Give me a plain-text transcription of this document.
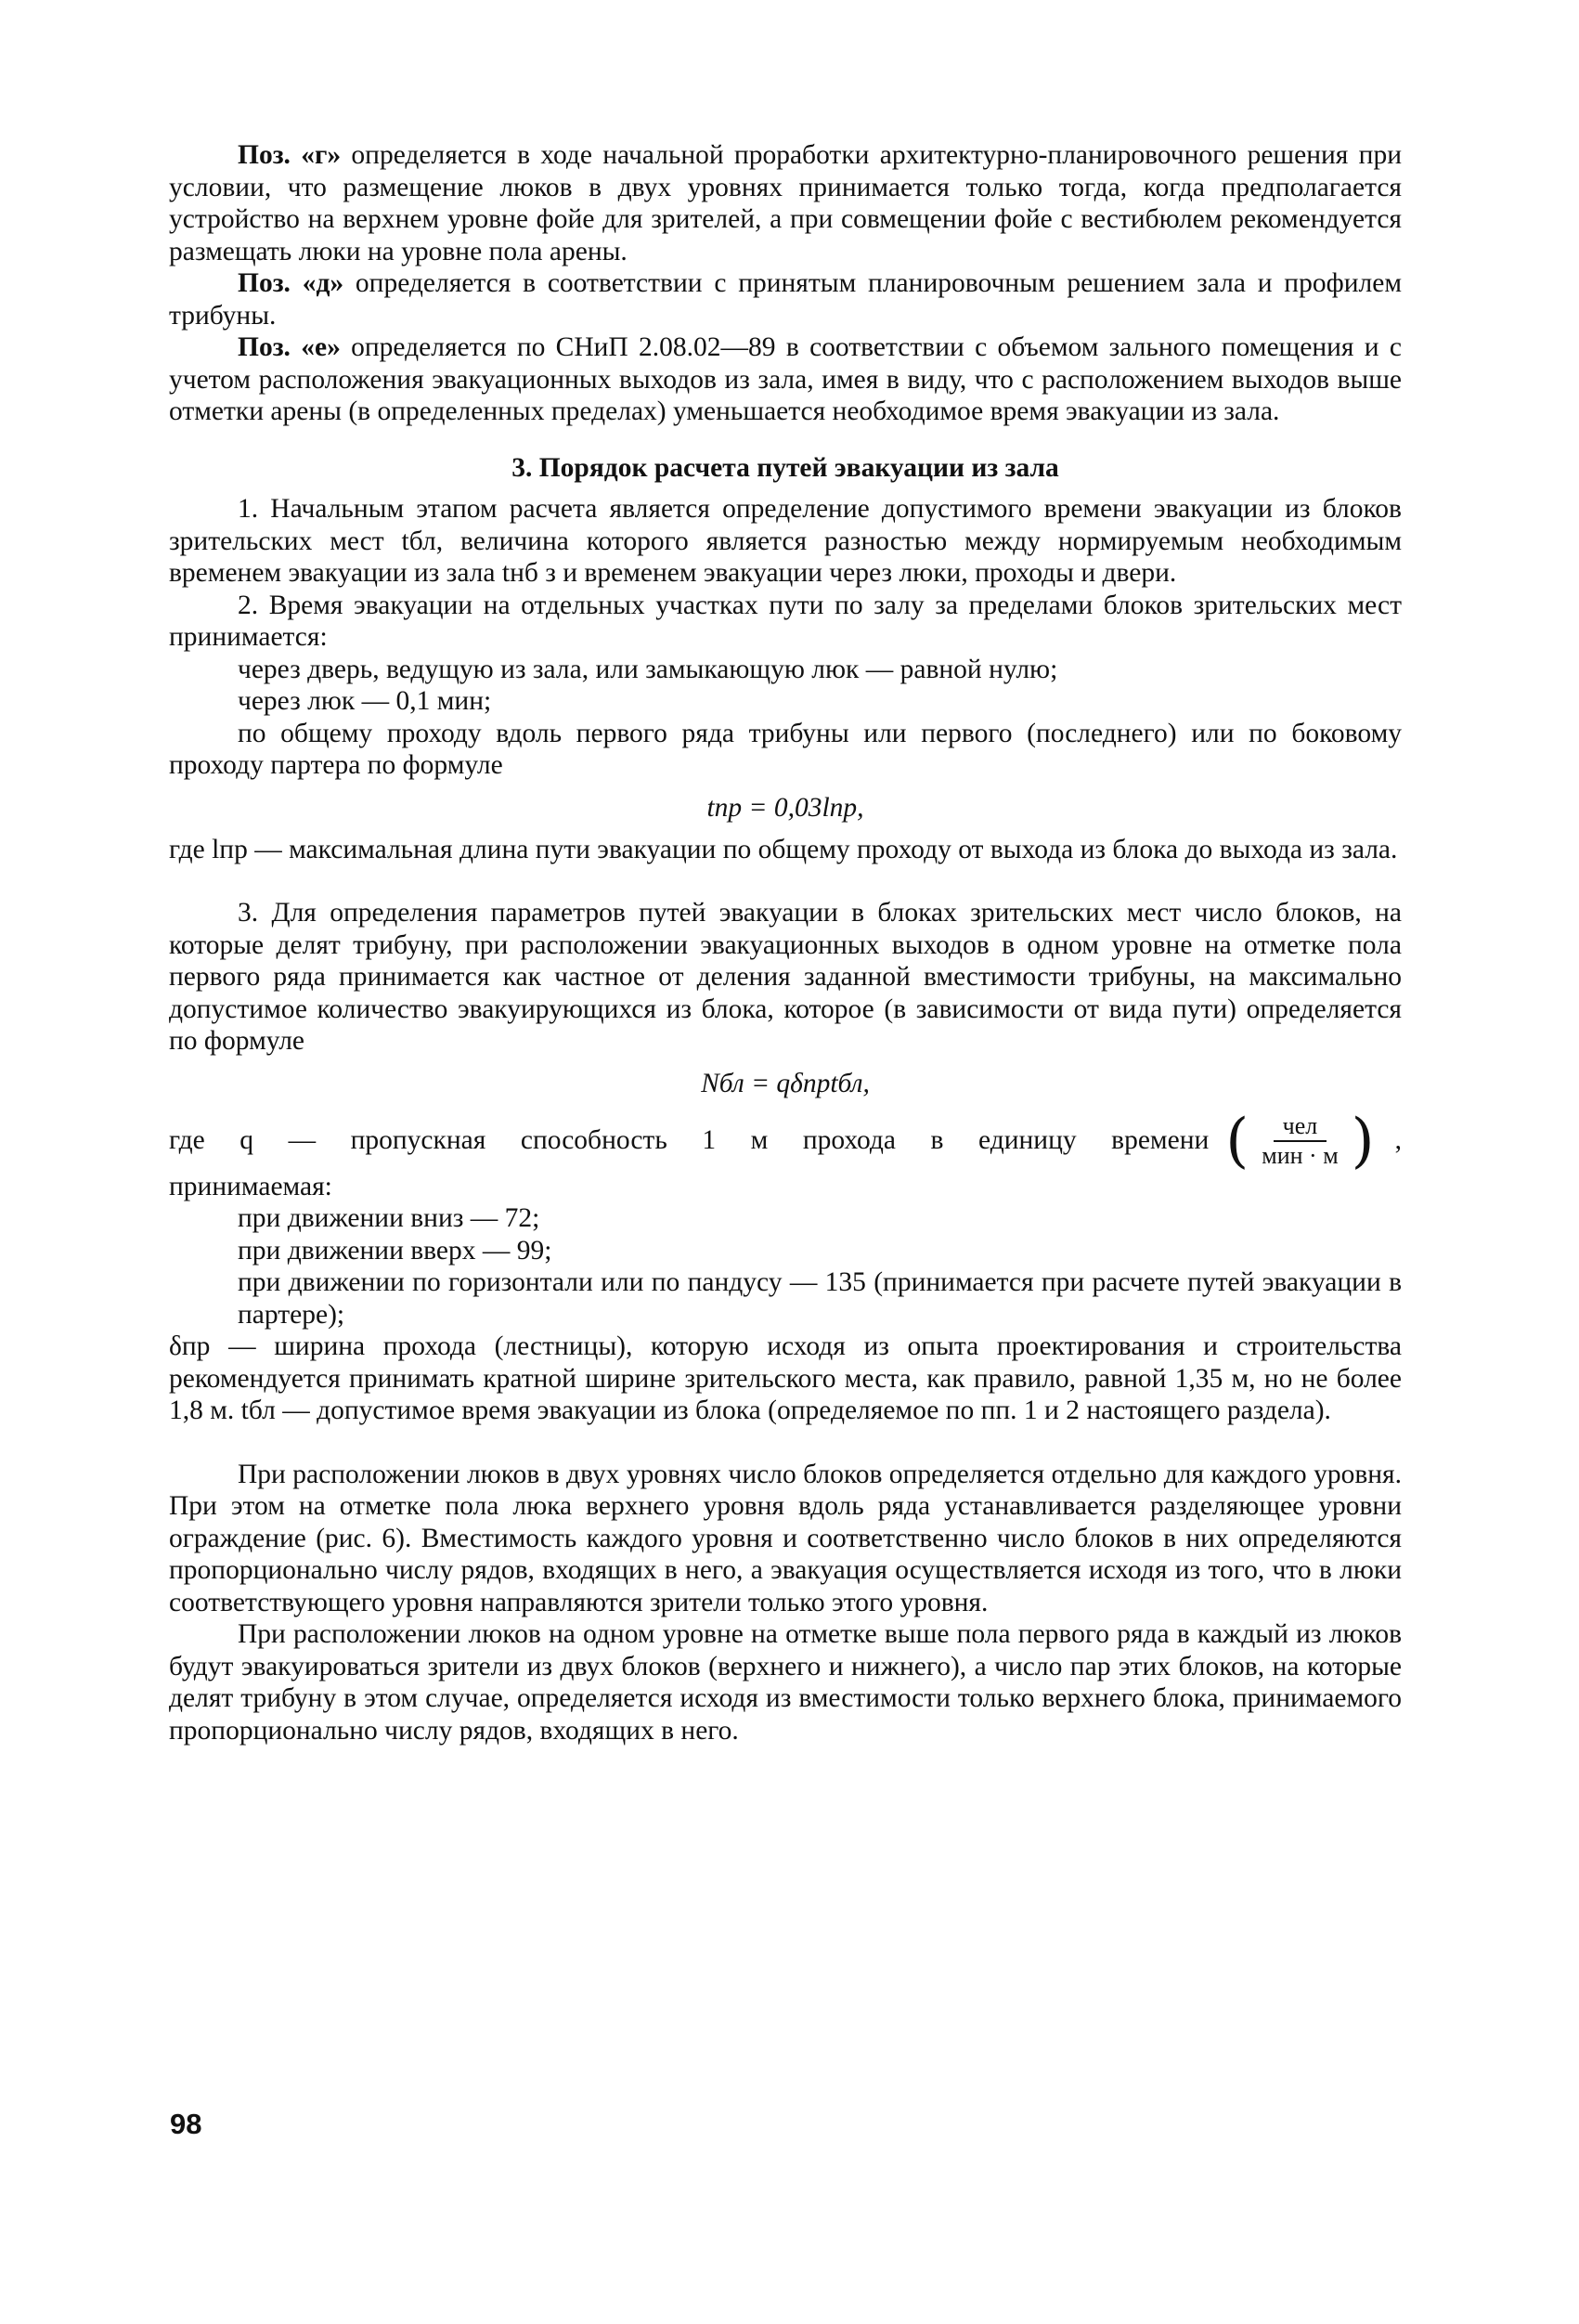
Поз. «г» определяется в ходе начальной проработки архитектурно-планировочного решения при условии, что размещение люков в двух уровнях принимается только тогда, когда предполагается устройство на верхнем уровне фойе для зрителей, а при совмещении фойе с вестибюлем рекомендуется размещать люки на уровне пола арены.

Поз. «д» определяется в соответствии с принятым планировочным решением зала и профилем трибуны.

Поз. «е» определяется по СНиП 2.08.02—89 в соответствии с объемом зального помещения и с учетом расположения эвакуационных выходов из зала, имея в виду, что с расположением выходов выше отметки арены (в определенных пределах) уменьшается необходимое время эвакуации из зала.

3. Порядок расчета путей эвакуации из зала

1. Начальным этапом расчета является определение допустимого времени эвакуации из блоков зрительских мест tбл, величина которого является разностью между нормируемым необходимым временем эвакуации из зала tнб з и временем эвакуации через люки, проходы и двери.

2. Время эвакуации на отдельных участках пути по залу за пределами блоков зрительских мест принимается:

через дверь, ведущую из зала, или замыкающую люк — равной нулю;

через люк — 0,1 мин;

по общему проходу вдоль первого ряда трибуны или первого (последнего) или по боковому проходу партера по формуле

tпр = 0,03lпр,

где lпр — максимальная длина пути эвакуации по общему проходу от выхода из блока до выхода из зала.

3. Для определения параметров путей эвакуации в блоках зрительских мест число блоков, на которые делят трибуну, при расположении эвакуационных выходов в одном уровне на отметке пола первого ряда принимается как частное от деления заданной вместимости трибуны, на максимально допустимое количество эвакуирующихся из блока, которое (в зависимости от вида пути) определяется по формуле

Nбл = qδпрtбл,
где q — пропускная способность 1 м прохода в единицу времени ( $\frac{\text{чел}}{\text{мин · м}}$ ) ,

принимаемая:

при движении вниз — 72;

при движении вверх — 99;

при движении по горизонтали или по пандусу — 135 (принимается при расчете путей эвакуации в партере);

δпр — ширина прохода (лестницы), которую исходя из опыта проектирования и строительства рекомендуется принимать кратной ширине зрительского места, как правило, равной 1,35 м, но не более 1,8 м. tбл — допустимое время эвакуации из блока (определяемое по пп. 1 и 2 настоящего раздела).

При расположении люков в двух уровнях число блоков определяется отдельно для каждого уровня. При этом на отметке пола люка верхнего уровня вдоль ряда устанавливается разделяющее уровни ограждение (рис. 6). Вместимость каждого уровня и соответственно число блоков в них определяются пропорционально числу рядов, входящих в него, а эвакуация осуществляется исходя из того, что в люки соответствующего уровня направляются зрители только этого уровня.

При расположении люков на одном уровне на отметке выше пола первого ряда в каждый из люков будут эвакуироваться зрители из двух блоков (верхнего и нижнего), а число пар этих блоков, на которые делят трибуну в этом случае, определяется исходя из вместимости только верхнего блока, принимаемого пропорционально числу рядов, входящих в него.

98
